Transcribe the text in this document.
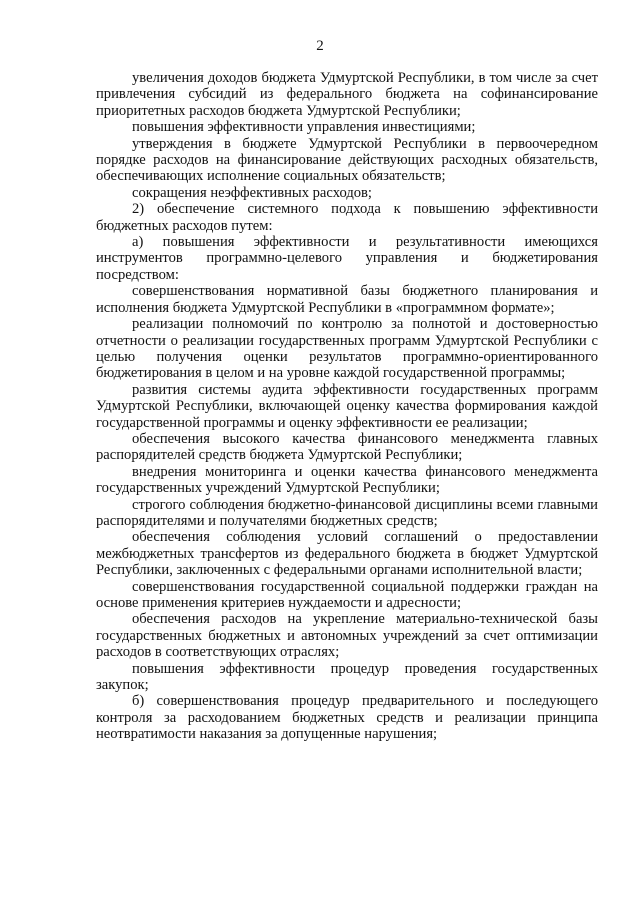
2

увеличения доходов бюджета Удмуртской Республики, в том числе за счет привлечения субсидий из федерального бюджета на софинансирование приоритетных расходов бюджета Удмуртской Республики;

повышения эффективности управления инвестициями;

утверждения в бюджете Удмуртской Республики в первоочередном порядке расходов на финансирование действующих расходных обязательств, обеспечивающих исполнение социальных обязательств;

сокращения неэффективных расходов;

2) обеспечение системного подхода к повышению эффективности бюджетных расходов путем:

а) повышения эффективности и результативности имеющихся инструментов программно-целевого управления и бюджетирования посредством:

совершенствования нормативной базы бюджетного планирования и исполнения бюджета Удмуртской Республики в «программном формате»;

реализации полномочий по контролю за полнотой и достоверностью отчетности о реализации государственных программ Удмуртской Республики с целью получения оценки результатов программно-ориентированного бюджетирования в целом и на уровне каждой государственной программы;

развития системы аудита эффективности государственных программ Удмуртской Республики, включающей оценку качества формирования каждой государственной программы и оценку эффективности ее реализации;

обеспечения высокого качества финансового менеджмента главных распорядителей средств бюджета Удмуртской Республики;

внедрения мониторинга и оценки качества финансового менеджмента государственных учреждений Удмуртской Республики;

строгого соблюдения бюджетно-финансовой дисциплины всеми главными распорядителями и получателями бюджетных средств;

обеспечения соблюдения условий соглашений о предоставлении межбюджетных трансфертов из федерального бюджета в бюджет Удмуртской Республики, заключенных с федеральными органами исполнительной власти;

совершенствования государственной социальной поддержки граждан на основе применения критериев нуждаемости и адресности;

обеспечения расходов на укрепление материально-технической базы государственных бюджетных и автономных учреждений за счет оптимизации расходов в соответствующих отраслях;

повышения эффективности процедур проведения государственных закупок;

б) совершенствования процедур предварительного и последующего контроля за расходованием бюджетных средств и реализации принципа неотвратимости наказания за допущенные нарушения;
